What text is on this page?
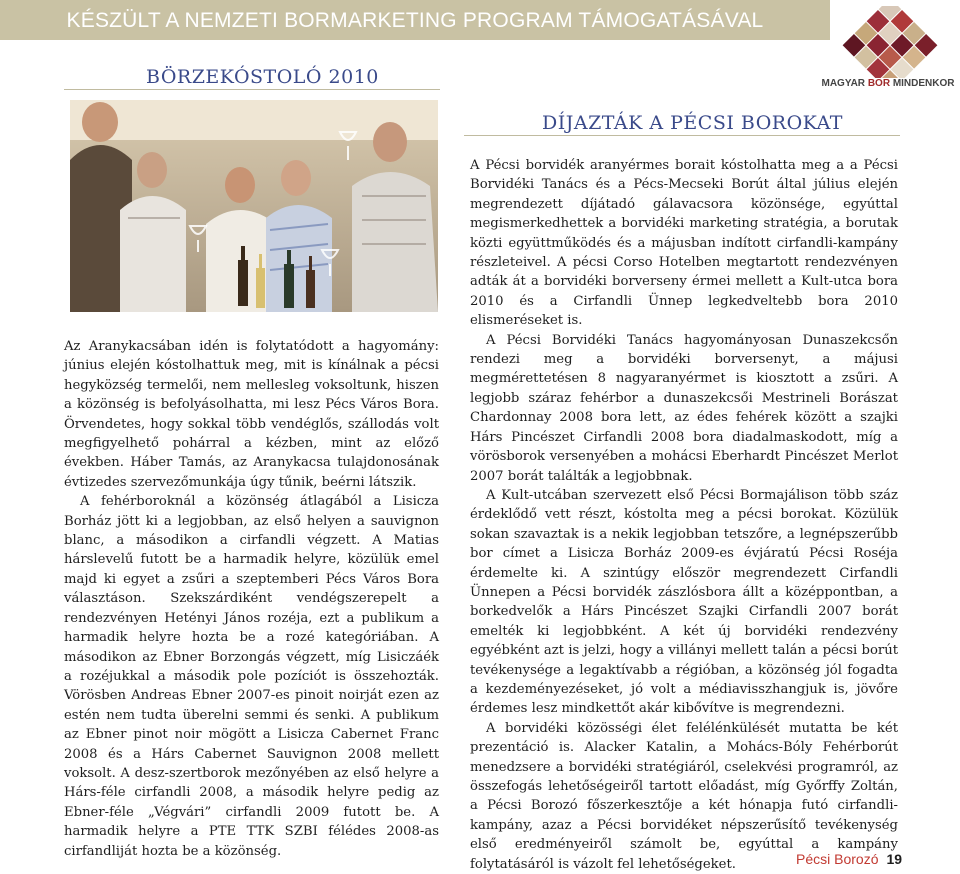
KÉSZÜLT A NEMZETI BORMARKETING PROGRAM TÁMOGATÁSÁVAL
MAGYAR BOR MINDENKOR
BÖRZEKÓSTOLÓ 2010
DÍJAZTÁK A PÉCSI BOROKAT

Az Aranykacsában idén is folytatódott a hagyomány: június elején kóstolhattuk meg, mit is kínálnak a pécsi hegyközség termelői, nem mellesleg voksoltunk, hiszen a közönség is befolyásolhatta, mi lesz Pécs Város Bora. Örvendetes, hogy sokkal több vendéglős, szállodás volt megfigyelhető pohárral a kézben, mint az előző években. Háber Tamás, az Aranykacsa tulajdonosának évtizedes szervezőmunkája úgy tűnik, beérni látszik.

A fehérboroknál a közönség átlagából a Lisicza Borház jött ki a legjobban, az első helyen a sauvignon blanc, a másodikon a cirfandli végzett. A Matias hárslevelű futott be a harmadik helyre, közülük emel majd ki egyet a zsűri a szeptemberi Pécs Város Bora választáson. Szekszárdiként vendégszerepelt a rendezvényen Hetényi János rozéja, ezt a publikum a harmadik helyre hozta be a rozé kategóriában. A másodikon az Ebner Borzongás végzett, míg Lisiczáék a rozéjukkal a második pole pozíciót is összehozták. Vörösben Andreas Ebner 2007-es pinoit noirját ezen az estén nem tudta überelni semmi és senki. A publikum az Ebner pinot noir mögött a Lisicza Cabernet Franc 2008 és a Hárs Cabernet Sauvignon 2008 mellett voksolt. A desz-szertborok mezőnyében az első helyre a Hárs-féle cirfandli 2008, a második helyre pedig az Ebner-féle „Végvári” cirfandli 2009 futott be. A harmadik helyre a PTE TTK SZBI félédes 2008-as cirfandliját hozta be a közönség.

A Pécsi borvidék aranyérmes borait kóstolhatta meg a a Pécsi Borvidéki Tanács és a Pécs-Mecseki Borút által július elején megrendezett díjátadó gálavacsora közönsége, egyúttal megismerkedhettek a borvidéki marketing stratégia, a borutak közti együttműködés és a májusban indított cirfandli-kampány részleteivel. A pécsi Corso Hotelben megtartott rendezvényen adták át a borvidéki borverseny érmei mellett a Kult-utca bora 2010 és a Cirfandli Ünnep legkedveltebb bora 2010 elismeréseket is.

A Pécsi Borvidéki Tanács hagyományosan Dunaszekcsőn rendezi meg a borvidéki borversenyt, a májusi megmérettetésen 8 nagyaranyérmet is kiosztott a zsűri. A legjobb száraz fehérbor a dunaszekcsői Mestrineli Borászat Chardonnay 2008 bora lett, az édes fehérek között a szajki Hárs Pincészet Cirfandli 2008 bora diadalmaskodott, míg a vörösborok versenyében a mohácsi Eberhardt Pincészet Merlot 2007 borát találták a legjobbnak.

A Kult-utcában szervezett első Pécsi Bormajálison több száz érdeklődő vett részt, kóstolta meg a pécsi borokat. Közülük sokan szavaztak is a nekik legjobban tetszőre, a legnépszerűbb bor címet a Lisicza Borház 2009-es évjáratú Pécsi Roséja érdemelte ki. A szintúgy először megrendezett Cirfandli Ünnepen a Pécsi borvidék zászlósbora állt a középpontban, a borkedvelők a Hárs Pincészet Szajki Cirfandli 2007 borát emelték ki legjobbként. A két új borvidéki rendezvény egyébként azt is jelzi, hogy a villányi mellett talán a pécsi borút tevékenysége a legaktívabb a régióban, a közönség jól fogadta a kezdeményezéseket, jó volt a médiavisszhangjuk is, jövőre érdemes lesz mindkettőt akár kibővítve is megrendezni.

A borvidéki közösségi élet felélénkülését mutatta be két prezentáció is. Alacker Katalin, a Mohács-Bóly Fehérborút menedzsere a borvidéki stratégiáról, cselekvési programról, az összefogás lehetőségeiről tartott előadást, míg Győrffy Zoltán, a Pécsi Borozó főszerkesztője a két hónapja futó cirfandli-kampány, azaz a Pécsi borvidéket népszerűsítő tevékenység első eredményeiről számolt be, egyúttal a kampány folytatásáról is vázolt fel lehetőségeket.	Pécsi Borozó 19
